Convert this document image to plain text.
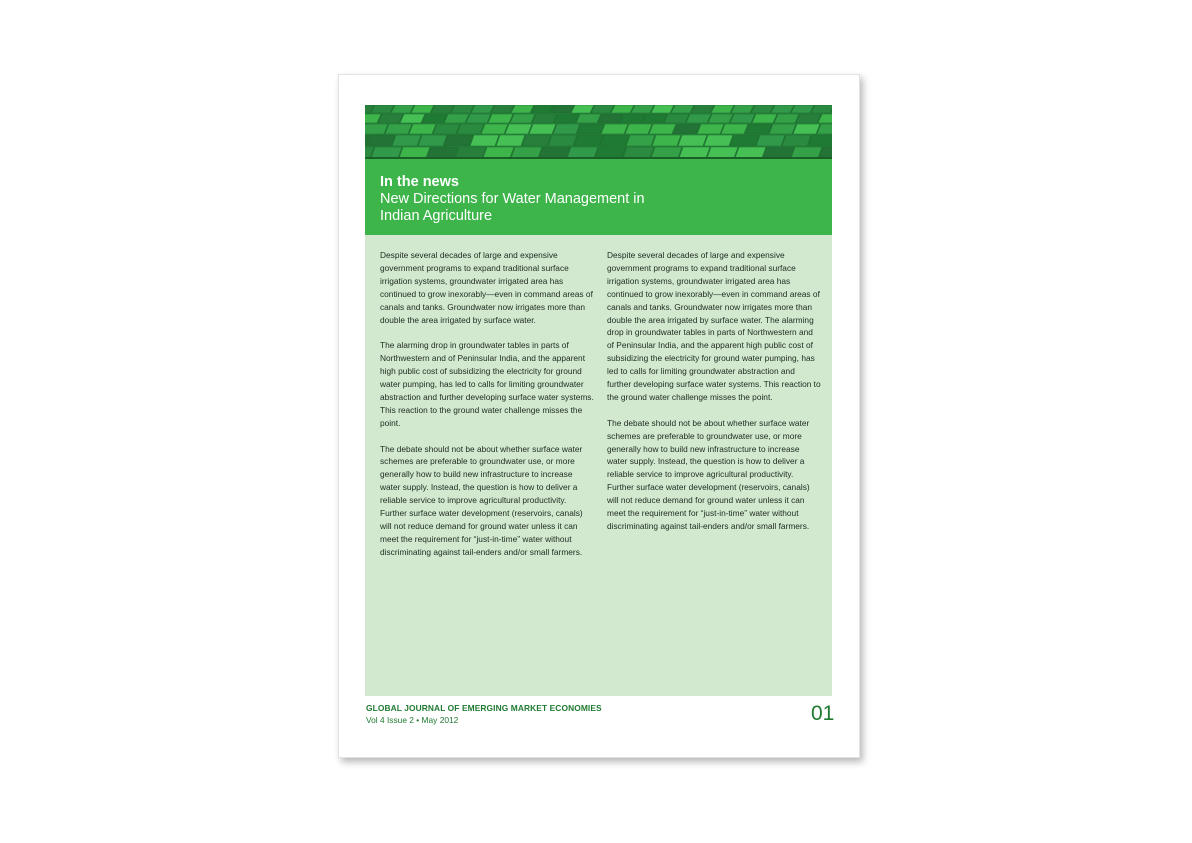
In the news
New Directions for Water Management in Indian Agriculture

Despite several decades of large and expensive government programs to expand traditional surface irrigation systems, groundwater irrigated area has continued to grow inexorably—even in command areas of canals and tanks. Groundwater now irrigates more than double the area irrigated by surface water.

The alarming drop in groundwater tables in parts of Northwestern and of Peninsular India, and the apparent high public cost of subsidizing the electricity for ground water pumping, has led to calls for limiting groundwater abstraction and further developing surface water systems. This reaction to the ground water challenge misses the point.

The debate should not be about whether surface water schemes are preferable to groundwater use, or more generally how to build new infrastructure to increase water supply. Instead, the question is how to deliver a reliable service to improve agricultural productivity. Further surface water development (reservoirs, canals) will not reduce demand for ground water unless it can meet the requirement for “just-in-time” water without discriminating against tail-enders and/or small farmers.

Despite several decades of large and expensive government programs to expand traditional surface irrigation systems, groundwater irrigated area has continued to grow inexorably—even in command areas of canals and tanks. Groundwater now irrigates more than double the area irrigated by surface water. The alarming drop in groundwater tables in parts of Northwestern and of Peninsular India, and the apparent high public cost of subsidizing the electricity for ground water pumping, has led to calls for limiting groundwater abstraction and further developing surface water systems. This reaction to the ground water challenge misses the point.

The debate should not be about whether surface water schemes are preferable to groundwater use, or more generally how to build new infrastructure to increase water supply. Instead, the question is how to deliver a reliable service to improve agricultural productivity. Further surface water development (reservoirs, canals) will not reduce demand for ground water unless it can meet the requirement for “just-in-time” water without discriminating against tail-enders and/or small farmers.

GLOBAL JOURNAL OF EMERGING MARKET ECONOMIES
Vol 4 Issue 2 • May 2012	01
